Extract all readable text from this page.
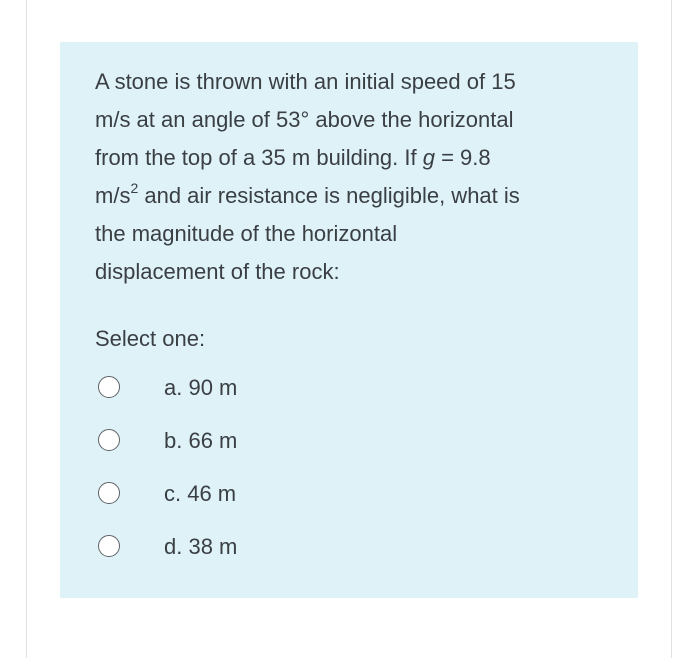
A stone is thrown with an initial speed of 15
m/s at an angle of 53° above the horizontal
from the top of a 35 m building. If g = 9.8
$m/s^2$ and air resistance is negligible, what is
the magnitude of the horizontal
displacement of the rock:
Select one:
a. 90 m
b. 66 m
c. 46 m
d. 38 m
